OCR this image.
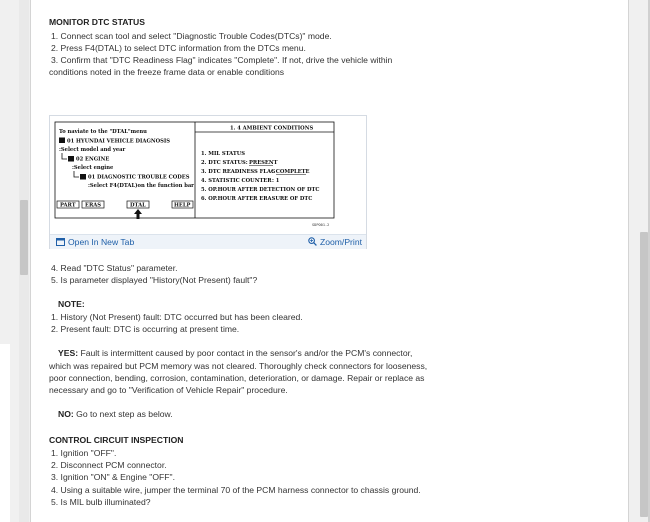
MONITOR DTC STATUS
1. Connect scan tool and select "Diagnostic Trouble Codes(DTCs)" mode.
2. Press F4(DTAL) to select DTC information from the DTCs menu.
3. Confirm that "DTC Readiness Flag" indicates "Complete". If not, drive the vehicle within
conditions noted in the freeze frame data or enable conditions
To naviate to the "DTAL"menu
01 HYUNDAI VEHICLE DIAGNOSIS
:Select model and year
02 ENGINE
:Select engine
01 DIAGNOSTIC TROUBLE CODES
:Select F4(DTAL)on the function bar
PART ERAS	DTAL	HELP
1. 4 AMBIENT CONDITIONS
1. MIL STATUS
2. DTC STATUS: PRESENT
3. DTC READINESS FLAG
: COMPLETE
4. STATISTIC COUNTER : 1
5. OP.HOUR AFTER DETECTION OF DTC
6. OP.HOUR AFTER ERASURE OF DTC
SDPO01-2
Open In New Tab	Zoom/Print
4. Read "DTC Status" parameter.
5. Is parameter displayed "History(Not Present) fault"?
NOTE:
1. History (Not Present) fault: DTC occurred but has been cleared.
2. Present fault: DTC is occurring at present time.
YES: Fault is intermittent caused by poor contact in the sensor's and/or the PCM's connector,
which was repaired but PCM memory was not cleared. Thoroughly check connectors for looseness,
poor connection, bending, corrosion, contamination, deterioration, or damage. Repair or replace as
necessary and go to "Verification of Vehicle Repair" procedure.
NO: Go to next step as below.
CONTROL CIRCUIT INSPECTION
1. Ignition "OFF".
2. Disconnect PCM connector.
3. Ignition "ON" & Engine "OFF".
4. Using a suitable wire, jumper the terminal 70 of the PCM harness connector to chassis ground.
5. Is MIL bulb illuminated?
